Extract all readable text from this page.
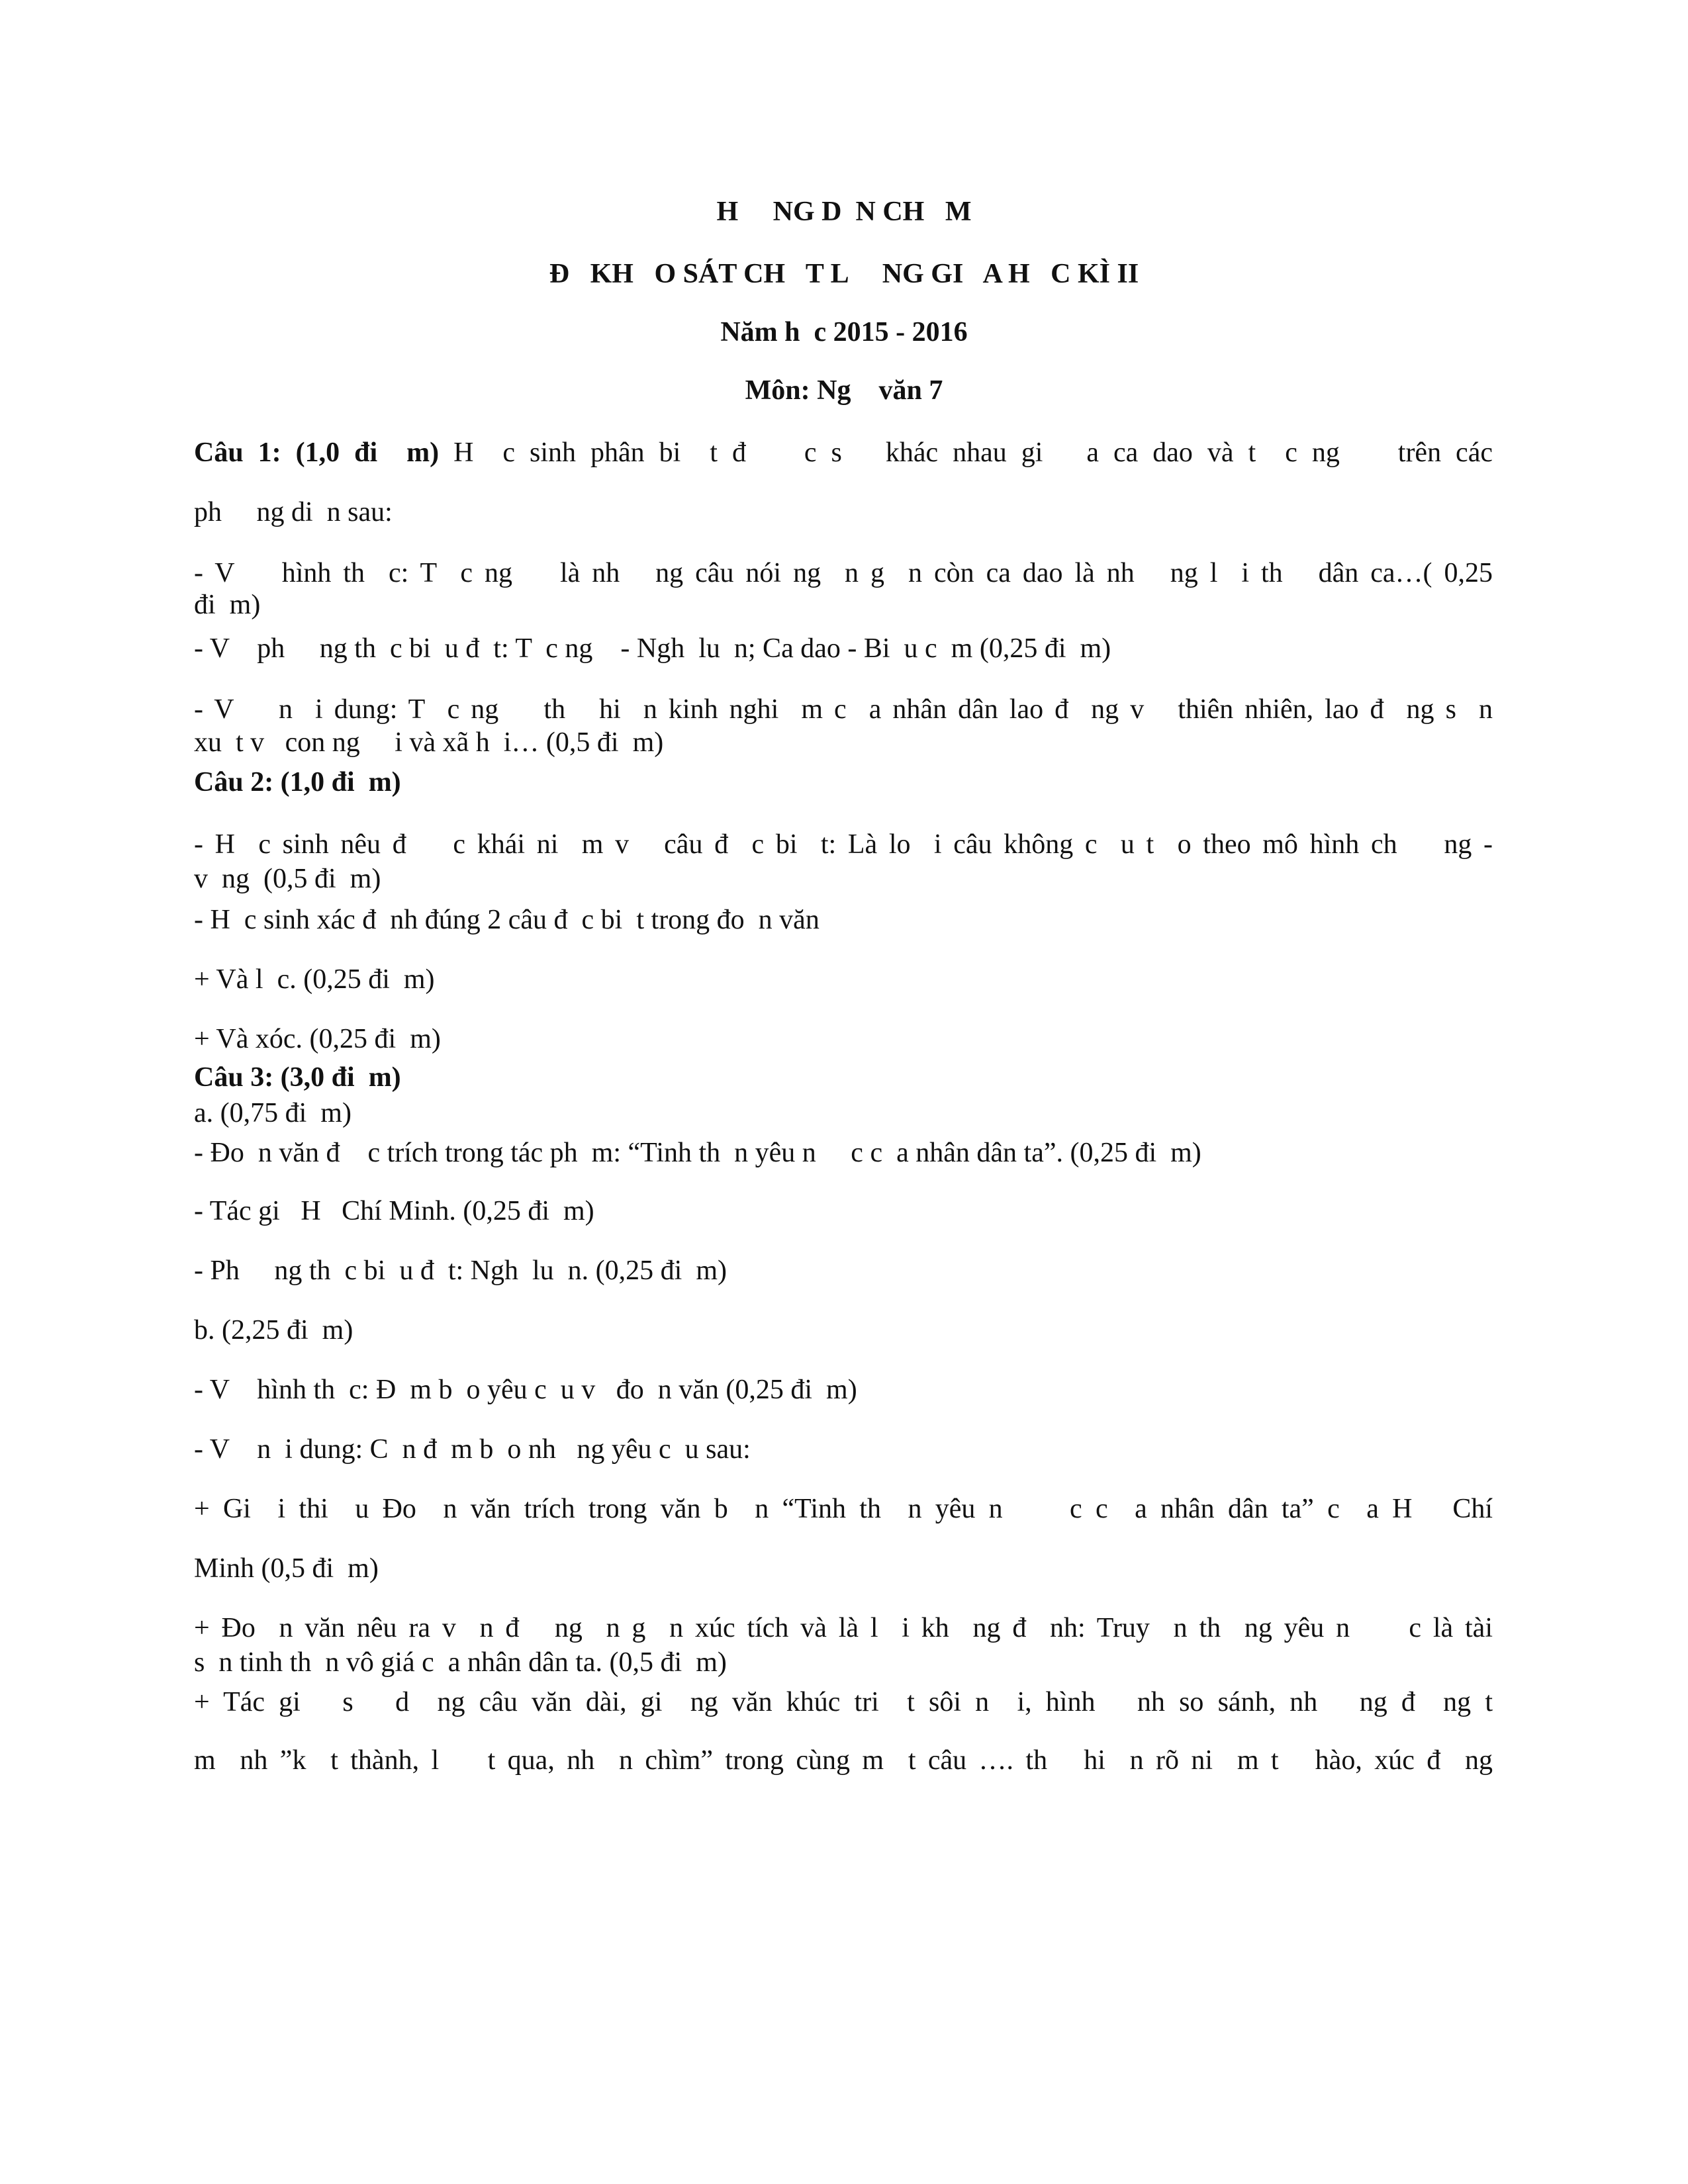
H     NG D  N CH   M
Đ   KH   O SÁT CH   T L     NG GI   A H   C KÌ II
Năm h  c 2015 - 2016
Môn: Ng    văn 7
Câu 1: (1,0 đi  m) H  c sinh phân bi  t đ    c s   khác nhau gi   a ca dao và t  c ng    trên các
ph     ng di  n sau:
- V    hình th  c: T  c ng    là nh   ng câu nói ng  n g  n còn ca dao là nh   ng l  i th   dân ca…( 0,25
đi  m)
- V    ph     ng th  c bi  u đ  t: T  c ng    - Ngh  lu  n; Ca dao - Bi  u c  m (0,25 đi  m)
- V    n  i dung: T  c ng    th   hi  n kinh nghi  m c  a nhân dân lao đ  ng v   thiên nhiên, lao đ  ng s  n
xu  t v   con ng     i và xã h  i… (0,5 đi  m)
Câu 2: (1,0 đi  m)
- H  c sinh nêu đ    c khái ni  m v   câu đ  c bi  t: Là lo  i câu không c  u t  o theo mô hình ch    ng -
v  ng  (0,5 đi  m)
- H  c sinh xác đ  nh đúng 2 câu đ  c bi  t trong đo  n văn
+ Và l  c. (0,25 đi  m)
+ Và xóc. (0,25 đi  m)
Câu 3: (3,0 đi  m)
a. (0,75 đi  m)
- Đo  n văn đ    c trích trong tác ph  m: “Tinh th  n yêu n     c c  a nhân dân ta”. (0,25 đi  m)
- Tác gi   H   Chí Minh. (0,25 đi  m)
- Ph     ng th  c bi  u đ  t: Ngh  lu  n. (0,25 đi  m)
b. (2,25 đi  m)
- V    hình th  c: Đ  m b  o yêu c  u v   đo  n văn (0,25 đi  m)
- V    n  i dung: C  n đ  m b  o nh   ng yêu c  u sau:
+ Gi  i thi  u Đo  n văn trích trong văn b  n “Tinh th  n yêu n     c c  a nhân dân ta” c  a H   Chí
Minh (0,5 đi  m)
+ Đo  n văn nêu ra v  n đ   ng  n g  n xúc tích và là l  i kh  ng đ  nh: Truy  n th  ng yêu n     c là tài
s  n tinh th  n vô giá c  a nhân dân ta. (0,5 đi  m)
+ Tác gi   s   d  ng câu văn dài, gi  ng văn khúc tri  t sôi n  i, hình   nh so sánh, nh   ng đ  ng t
m  nh ”k  t thành, l    t qua, nh  n chìm” trong cùng m  t câu …. th   hi  n rõ ni  m t   hào, xúc đ  ng
